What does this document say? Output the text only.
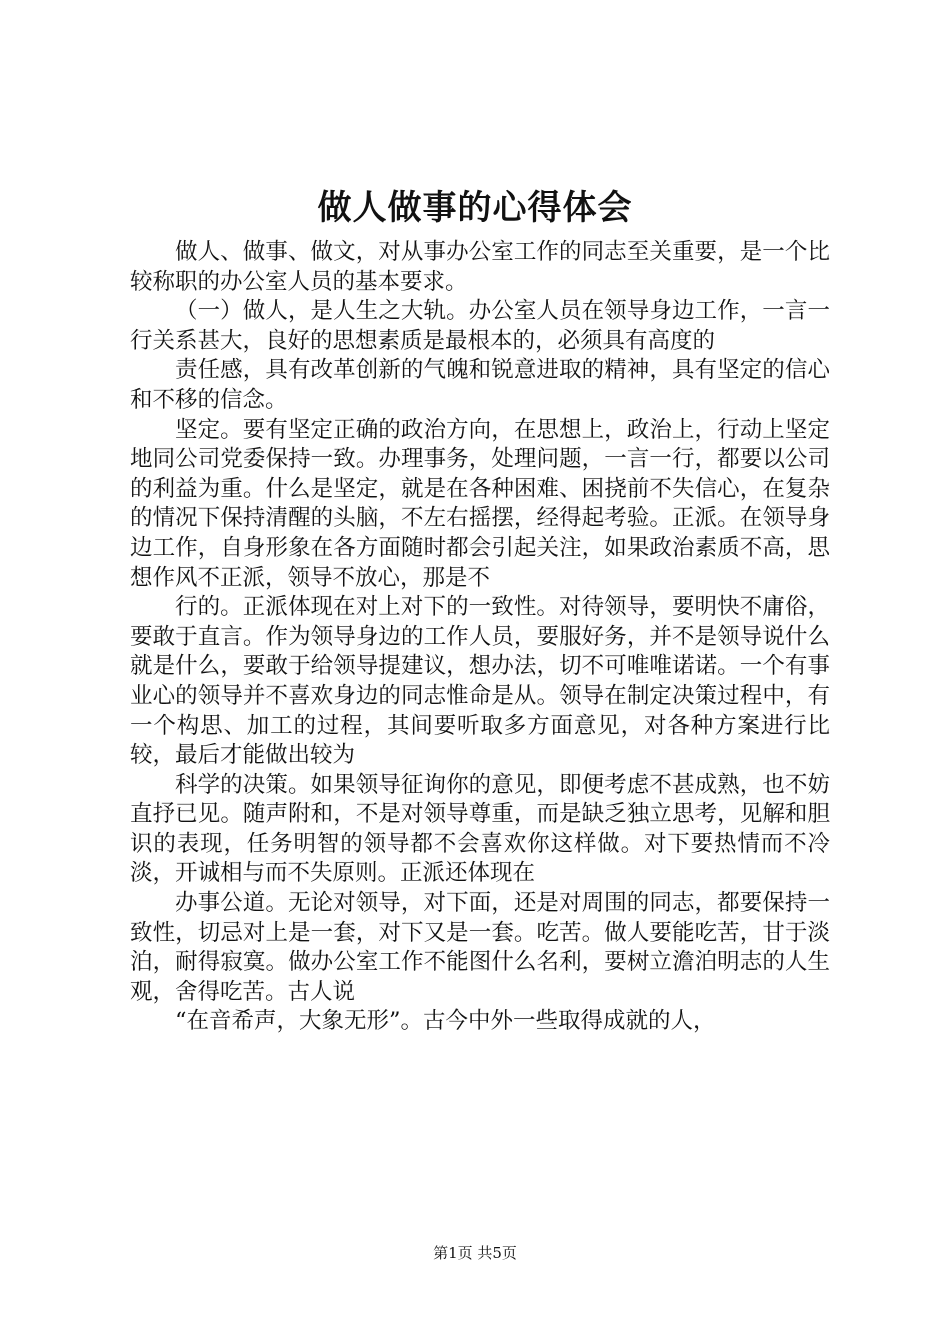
做人做事的心得体会

做人、做事、做文，对从事办公室工作的同志至关重要，是一个比较称职的办公室人员的基本要求。

（一）做人，是人生之大轨。办公室人员在领导身边工作，一言一行关系甚大，良好的思想素质是最根本的，必须具有高度的

责任感，具有改革创新的气魄和锐意进取的精神，具有坚定的信心和不移的信念。

坚定。要有坚定正确的政治方向，在思想上，政治上，行动上坚定地同公司党委保持一致。办理事务，处理问题，一言一行，都要以公司的利益为重。什么是坚定，就是在各种困难、困挠前不失信心，在复杂的情况下保持清醒的头脑，不左右摇摆，经得起考验。正派。在领导身边工作，自身形象在各方面随时都会引起关注，如果政治素质不高，思想作风不正派，领导不放心，那是不

行的。正派体现在对上对下的一致性。对待领导，要明快不庸俗，要敢于直言。作为领导身边的工作人员，要服好务，并不是领导说什么就是什么，要敢于给领导提建议，想办法，切不可唯唯诺诺。一个有事业心的领导并不喜欢身边的同志惟命是从。领导在制定决策过程中，有一个构思、加工的过程，其间要听取多方面意见，对各种方案进行比较，最后才能做出较为

科学的决策。如果领导征询你的意见，即便考虑不甚成熟，也不妨直抒已见。随声附和，不是对领导尊重，而是缺乏独立思考，见解和胆识的表现，任务明智的领导都不会喜欢你这样做。对下要热情而不冷淡，开诚相与而不失原则。正派还体现在

办事公道。无论对领导，对下面，还是对周围的同志，都要保持一致性，切忌对上是一套，对下又是一套。吃苦。做人要能吃苦，甘于淡泊，耐得寂寞。做办公室工作不能图什么名利，要树立澹泊明志的人生观，舍得吃苦。古人说

“在音希声，大象无形”。古今中外一些取得成就的人，

第1页 共5页
